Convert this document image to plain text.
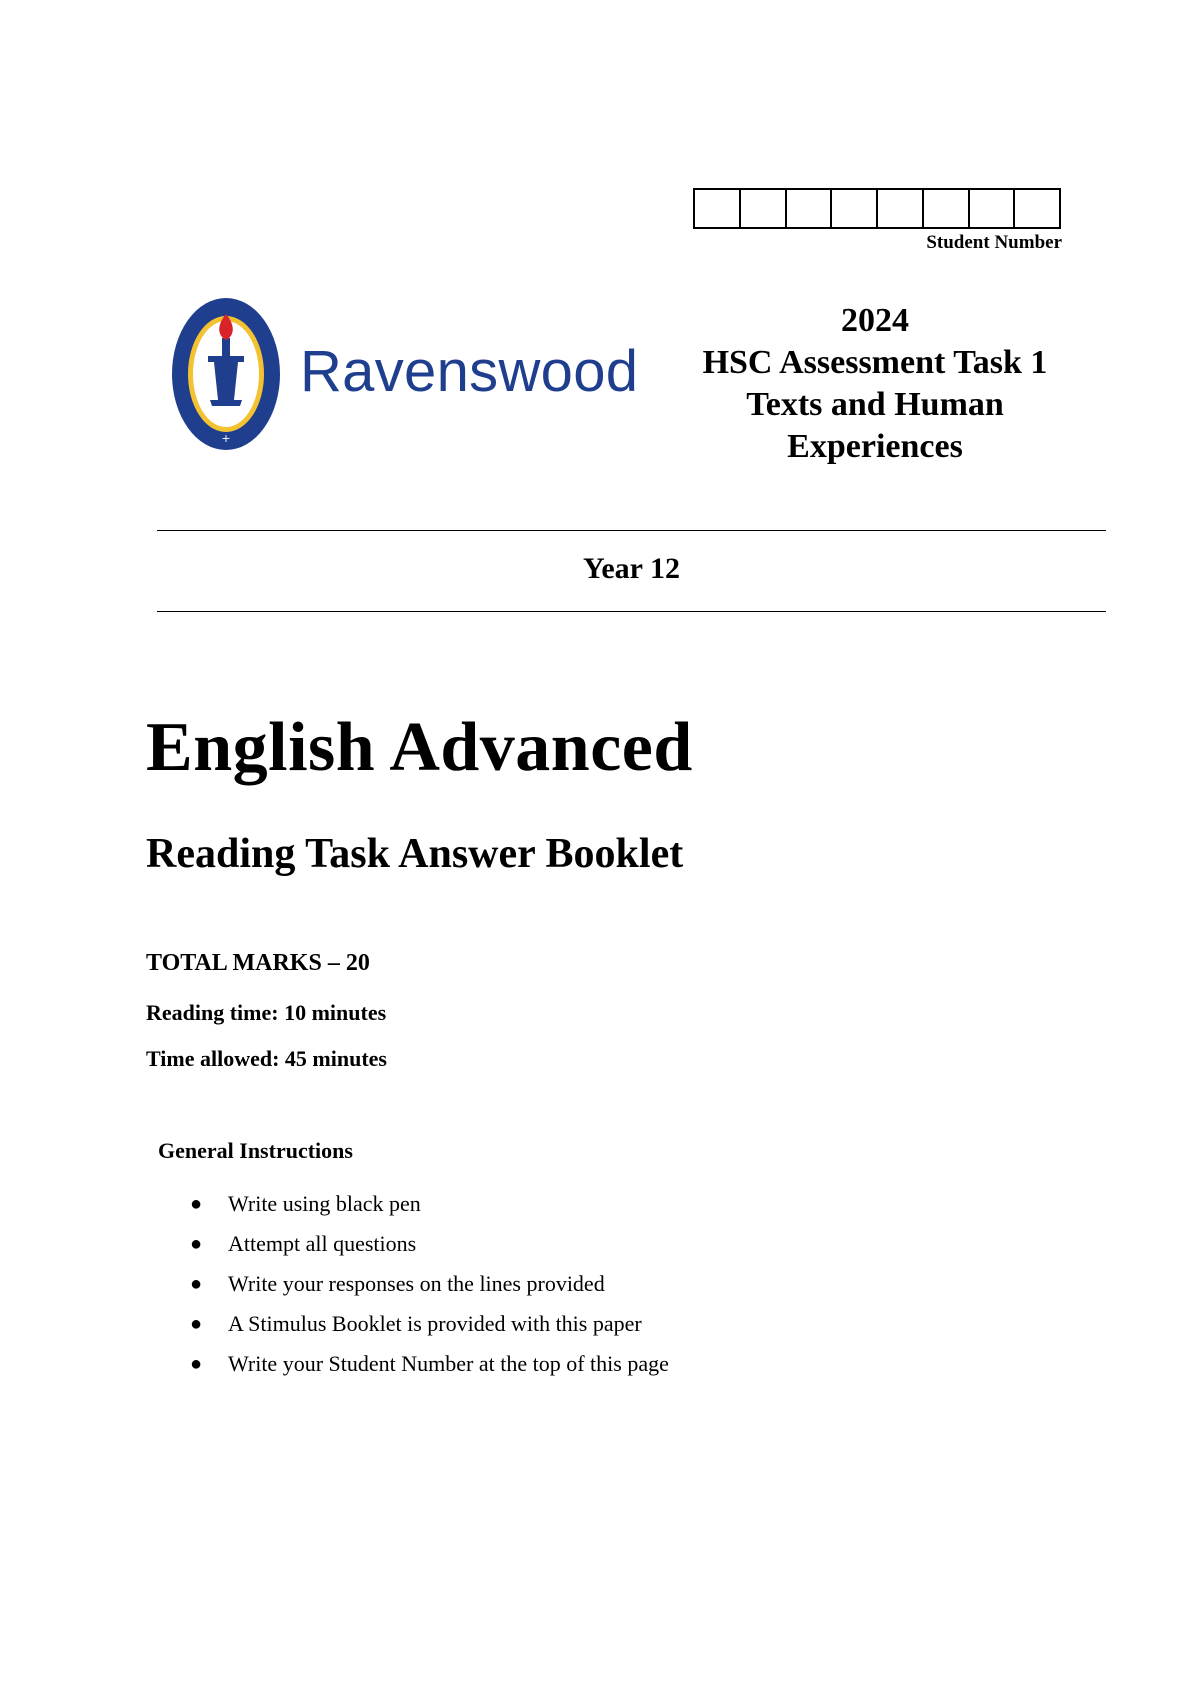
Student Number
+
Ravenswood
2024
HSC Assessment Task 1
Texts and Human
Experiences
Year 12
English Advanced
Reading Task Answer Booklet
TOTAL MARKS – 20
Reading time: 10 minutes
Time allowed: 45 minutes
General Instructions
● Write using black pen
● Attempt all questions
● Write your responses on the lines provided
● A Stimulus Booklet is provided with this paper
● Write your Student Number at the top of this page
